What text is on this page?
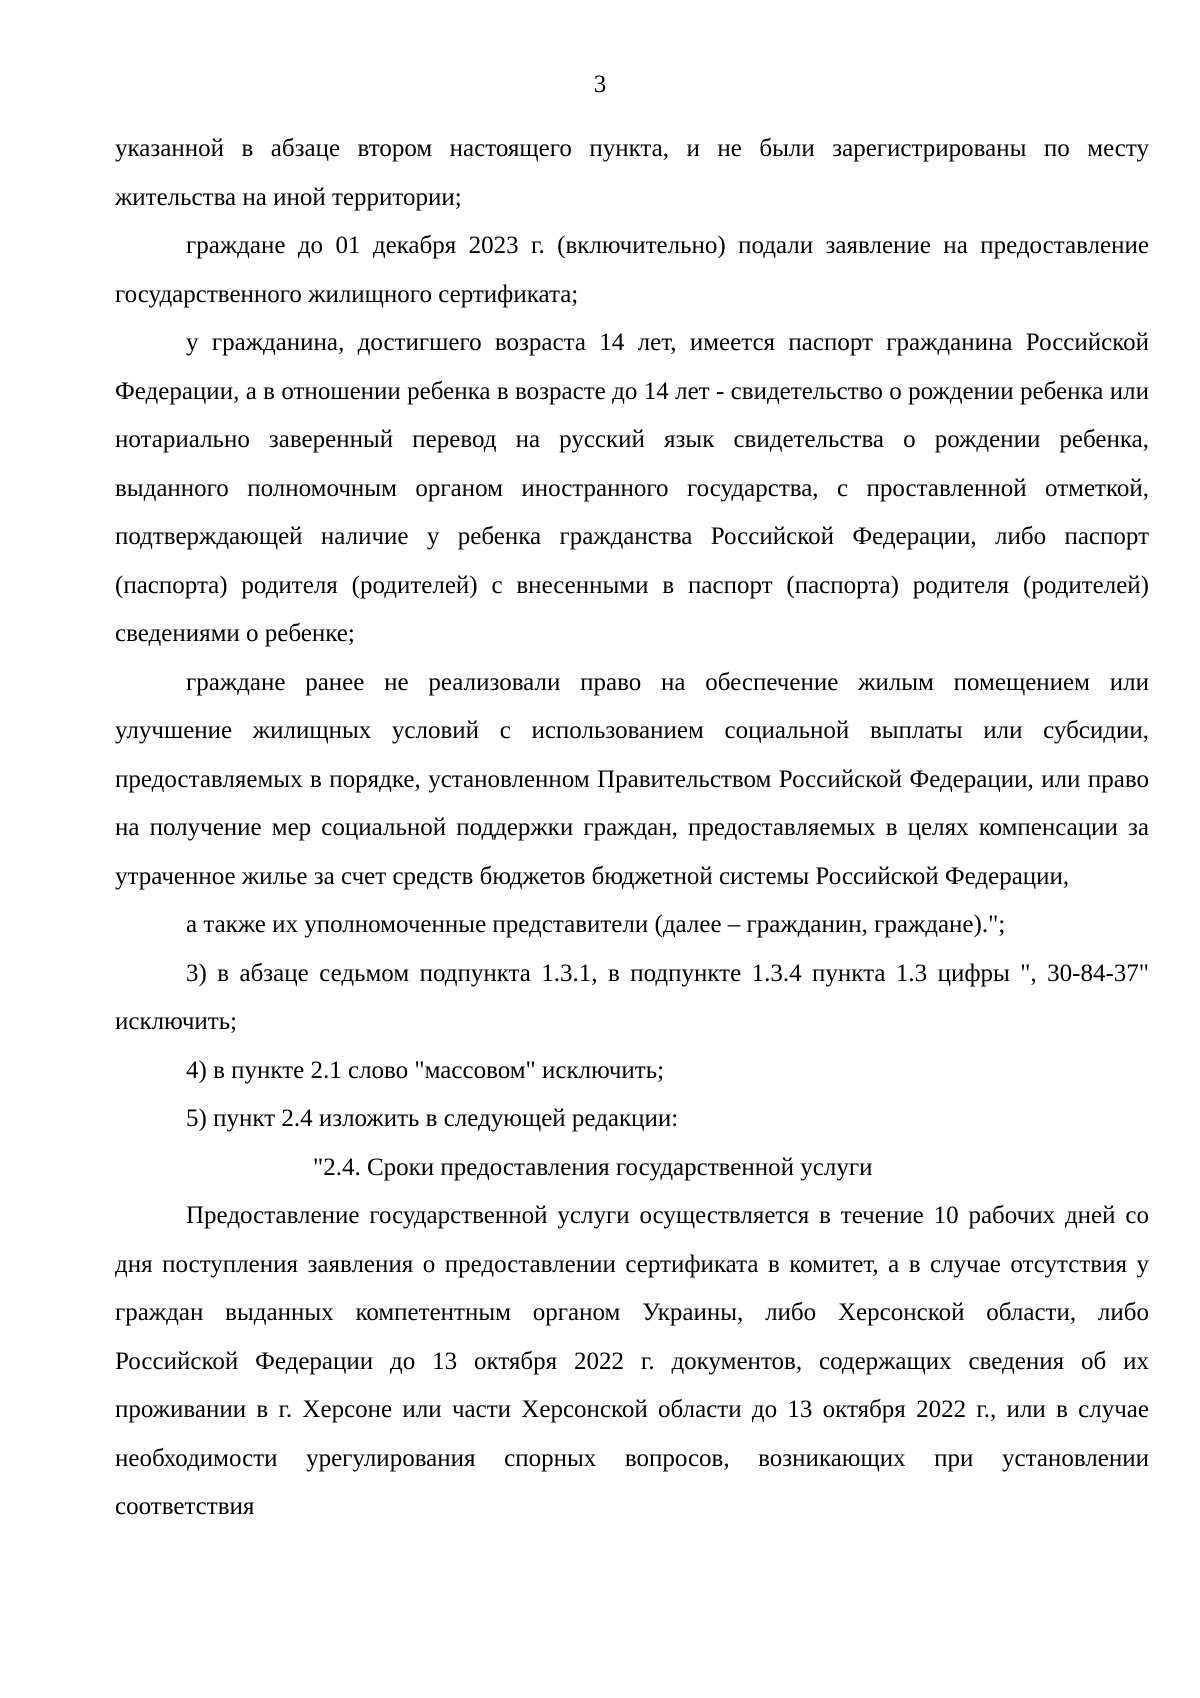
3

указанной в абзаце втором настоящего пункта, и не были зарегистрированы по месту жительства на иной территории;

граждане до 01 декабря 2023 г. (включительно) подали заявление на предоставление государственного жилищного сертификата;

у гражданина, достигшего возраста 14 лет, имеется паспорт гражданина Российской Федерации, а в отношении ребенка в возрасте до 14 лет - свидетельство о рождении ребенка или нотариально заверенный перевод на русский язык свидетельства о рождении ребенка, выданного полномочным органом иностранного государства, с проставленной отметкой, подтверждающей наличие у ребенка гражданства Российской Федерации, либо паспорт (паспорта) родителя (родителей) с внесенными в паспорт (паспорта) родителя (родителей) сведениями о ребенке;

граждане ранее не реализовали право на обеспечение жилым помещением или улучшение жилищных условий с использованием социальной выплаты или субсидии, предоставляемых в порядке, установленном Правительством Российской Федерации, или право на получение мер социальной поддержки граждан, предоставляемых в целях компенсации за утраченное жилье за счет средств бюджетов бюджетной системы Российской Федерации,

а также их уполномоченные представители (далее – гражданин, граждане).";

3) в абзаце седьмом подпункта 1.3.1, в подпункте 1.3.4 пункта 1.3 цифры ", 30-84-37" исключить;

4) в пункте 2.1 слово "массовом" исключить;

5) пункт 2.4 изложить в следующей редакции:

"2.4. Сроки предоставления государственной услуги

Предоставление государственной услуги осуществляется в течение 10 рабочих дней со дня поступления заявления о предоставлении сертификата в комитет, а в случае отсутствия у граждан выданных компетентным органом Украины, либо Херсонской области, либо Российской Федерации до 13 октября 2022 г. документов, содержащих сведения об их проживании в г. Херсоне или части Херсонской области до 13 октября 2022 г., или в случае необходимости урегулирования спорных вопросов, возникающих при установлении соответствия
